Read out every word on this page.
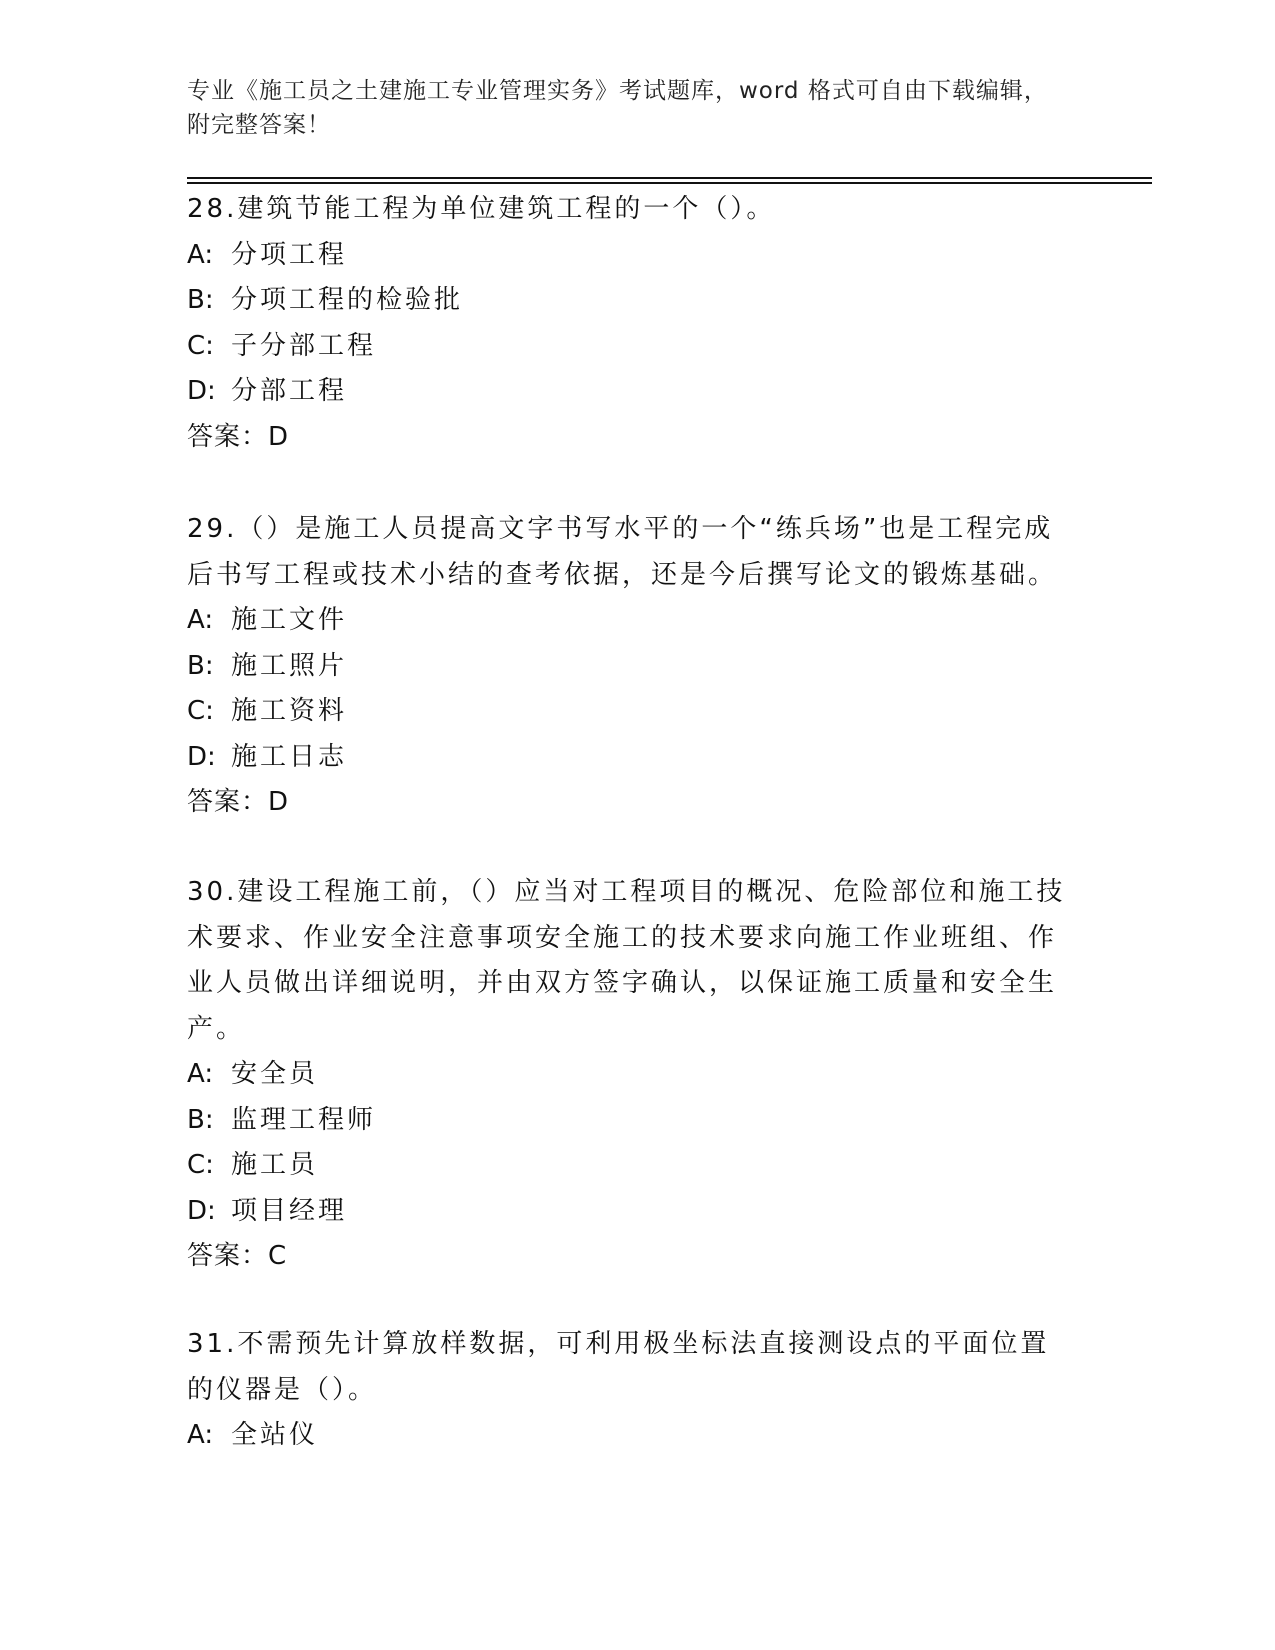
专业《施工员之土建施工专业管理实务》考试题库，word 格式可自由下载编辑，
附完整答案！

28.建筑节能工程为单位建筑工程的一个（）。

A: 分项工程
B: 分项工程的检验批
C: 子分部工程
D: 分部工程
答案：D

29.（）是施工人员提高文字书写水平的一个“练兵场”也是工程完成后书写工程或技术小结的查考依据，还是今后撰写论文的锻炼基础。

A: 施工文件
B: 施工照片
C: 施工资料
D: 施工日志
答案：D

30.建设工程施工前，（）应当对工程项目的概况、危险部位和施工技术要求、作业安全注意事项安全施工的技术要求向施工作业班组、作业人员做出详细说明，并由双方签字确认，以保证施工质量和安全生产。

A: 安全员
B: 监理工程师
C: 施工员
D: 项目经理
答案：C

31.不需预先计算放样数据，可利用极坐标法直接测设点的平面位置的仪器是（）。

A: 全站仪
